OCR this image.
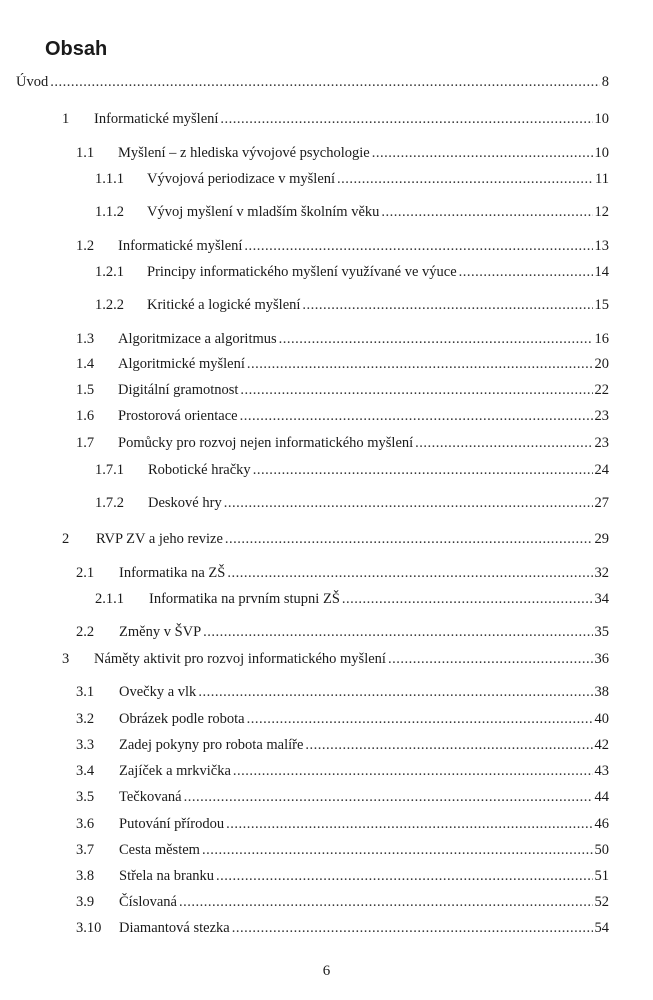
Obsah
Úvod .....	8
1	Informatické myšlení .....	10
1.1	Myšlení – z hlediska vývojové psychologie .....	10
1.1.1	Vývojová periodizace v myšlení .....	11
1.1.2	Vývoj myšlení v mladším školním věku .....	12
1.2	Informatické myšlení .....	13
1.2.1	Principy informatického myšlení využívané ve výuce .....	14
1.2.2	Kritické a logické myšlení .....	15
1.3	Algoritmizace a algoritmus .....	16
1.4	Algoritmické myšlení .....	20
1.5	Digitální gramotnost .....	22
1.6	Prostorová orientace .....	23
1.7	Pomůcky pro rozvoj nejen informatického myšlení .....	23
1.7.1	Robotické hračky .....	24
1.7.2	Deskové hry .....	27
2	RVP ZV a jeho revize .....	29
2.1	Informatika na ZŠ .....	32
2.1.1	Informatika na prvním stupni ZŠ .....	34
2.2	Změny v ŠVP .....	35
3	Náměty aktivit pro rozvoj informatického myšlení .....	36
3.1	Ovečky a vlk .....	38
3.2	Obrázek podle robota .....	40
3.3	Zadej pokyny pro robota malíře .....	42
3.4	Zajíček a mrkvička .....	43
3.5	Tečkovaná .....	44
3.6	Putování přírodou .....	46
3.7	Cesta městem .....	50
3.8	Střela na branku .....	51
3.9	Číslovaná .....	52
3.10	Diamantová stezka .....	54
6
